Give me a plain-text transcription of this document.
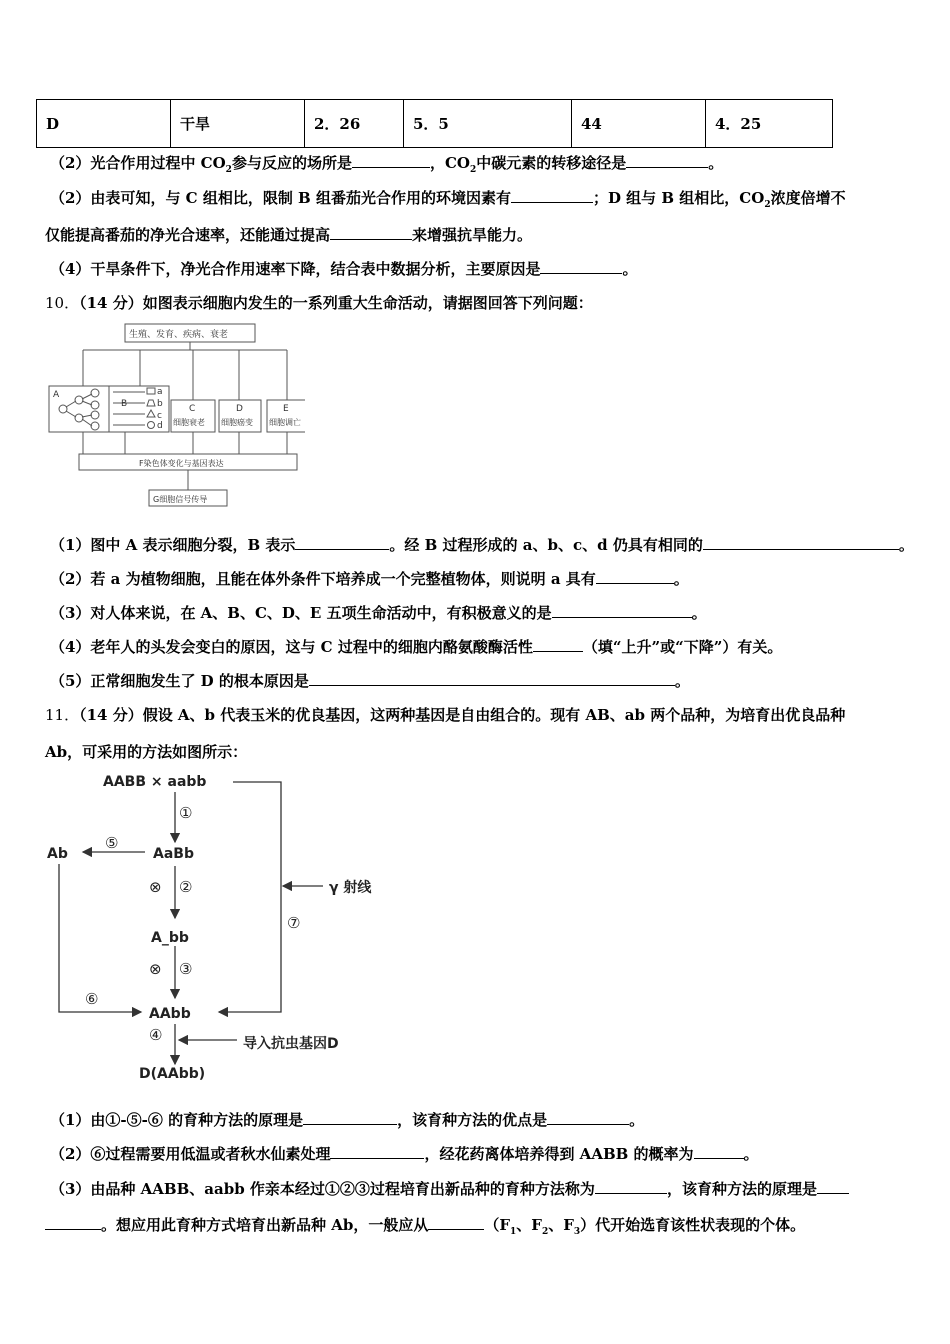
D	干旱	2．26	5．5	44	4．25
（2）光合作用过程中 $CO_2$参与反应的场所是	，$CO_2$中碳元素的转移途径是	。
（2）由表可知，与 C 组相比，限制 B 组番茄光合作用的环境因素有	；D 组与 B 组相比，$CO_2$浓度倍增不
仅能提高番茄的净光合速率，还能通过提高	来增强抗旱能力。
（4）干旱条件下，净光合作用速率下降，结合表中数据分析，主要原因是	。
10．（14 分）如图表示细胞内发生的一系列重大生命活动，请据图回答下列问题：
生殖、发育、疾病、衰老
A
B
a
b
c
d
C
细胞衰老
D
细胞癌变
E
细胞调亡
F染色体变化与基因表达
G细胞信号传导
（1）图中 A 表示细胞分裂，B 表示	。经 B 过程形成的 a、b、c、d 仍具有相同的	。
（2）若 a 为植物细胞，且能在体外条件下培养成一个完整植物体，则说明 a 具有	。
（3）对人体来说，在 A、B、C、D、E 五项生命活动中，有积极意义的是	。
（4）老年人的头发会变白的原因，这与 C 过程中的细胞内酪氨酸酶活性	（填“上升”或“下降”）有关。
（5）正常细胞发生了 D 的根本原因是	。
11．（14 分）假设 A、b 代表玉米的优良基因，这两种基因是自由组合的。现有 AB、ab 两个品种，为培育出优良品种
Ab，可采用的方法如图所示：
AABB × aabb
Ab	AaBb
A_bb
AAbb
D(AAbb)
γ 射线
导入抗虫基因D
①
⑤
⊗ ②
⊗ ③
⑥
⑦
④
（1）由①-⑤-⑥ 的育种方法的原理是	，该育种方法的优点是	。
（2）⑥过程需要用低温或者秋水仙素处理	，经花药离体培养得到 AABB 的概率为	。
（3）由品种 AABB、aabb 作亲本经过①②③过程培育出新品种的育种方法称为	，该育种方法的原理是
。想应用此育种方式培育出新品种 Ab，一般应从	（$F_1$、$F_2$、$F_3$）代开始选育该性状表现的个体。
